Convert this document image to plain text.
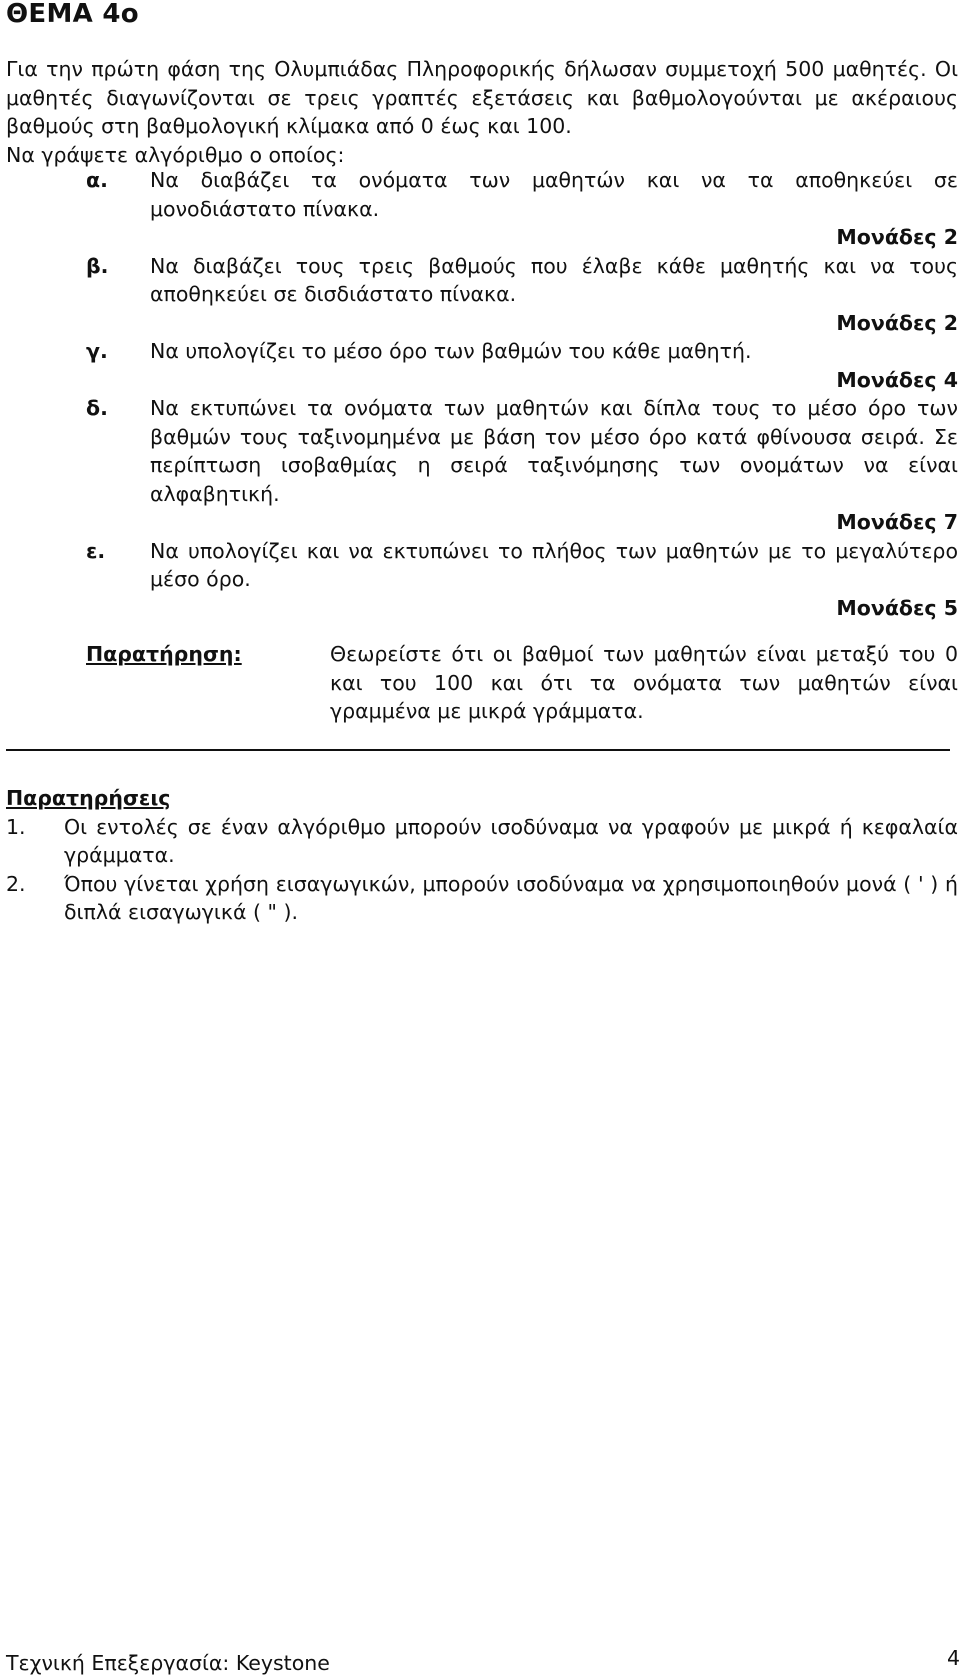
ΘΕΜΑ 4ο
Για την πρώτη φάση της Ολυμπιάδας Πληροφορικής δήλωσαν συμμετοχή 500 μαθητές. Οι μαθητές διαγωνίζονται σε τρεις γραπτές εξετάσεις και βαθμολογούνται με ακέραιους βαθμούς στη βαθμολογική κλίμακα από 0 έως και 100.
Να γράψετε αλγόριθμο ο οποίος:
α. Να διαβάζει τα ονόματα των μαθητών και να τα αποθηκεύει σε μονοδιάστατο πίνακα.
Μονάδες 2
β. Να διαβάζει τους τρεις βαθμούς που έλαβε κάθε μαθητής και να τους αποθηκεύει σε δισδιάστατο πίνακα.
Μονάδες 2
γ. Να υπολογίζει το μέσο όρο των βαθμών του κάθε μαθητή.
Μονάδες 4
δ. Να εκτυπώνει τα ονόματα των μαθητών και δίπλα τους το μέσο όρο των βαθμών τους ταξινομημένα με βάση τον μέσο όρο κατά φθίνουσα σειρά. Σε περίπτωση ισοβαθμίας η σειρά ταξινόμησης των ονομάτων να είναι αλφαβητική.
Μονάδες 7
ε. Να υπολογίζει και να εκτυπώνει το πλήθος των μαθητών με το μεγαλύτερο μέσο όρο.
Μονάδες 5
Παρατήρηση:	Θεωρείστε ότι οι βαθμοί των μαθητών είναι μεταξύ του 0 και του 100 και ότι τα ονόματα των μαθητών είναι γραμμένα με μικρά γράμματα.
Παρατηρήσεις
1. Οι εντολές σε έναν αλγόριθμο μπορούν ισοδύναμα να γραφούν με μικρά ή κεφαλαία γράμματα.
2. Όπου γίνεται χρήση εισαγωγικών, μπορούν ισοδύναμα να χρησιμοποιηθούν μονά ( ' ) ή διπλά εισαγωγικά ( " ).
Τεχνική Επεξεργασία: Keystone	4
